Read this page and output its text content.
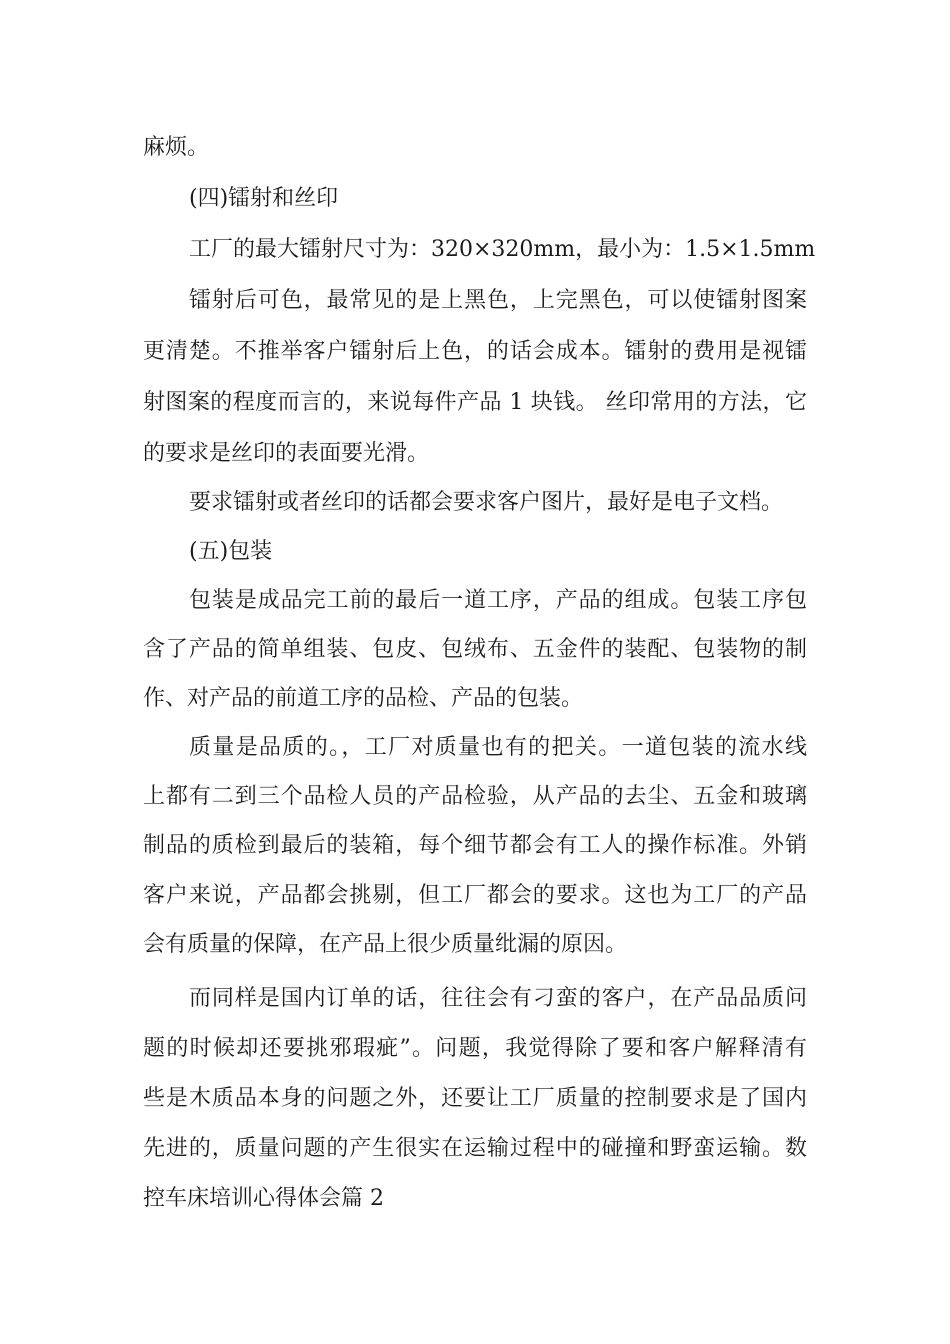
麻烦。
(四)镭射和丝印
工厂的最大镭射尺寸为：320×320mm，最小为：1.5×1.5mm
镭射后可色，最常见的是上黑色，上完黑色，可以使镭射图案
更清楚。不推举客户镭射后上色，的话会成本。镭射的费用是视镭
射图案的程度而言的，来说每件产品 1 块钱。 丝印常用的方法，它
的要求是丝印的表面要光滑。
要求镭射或者丝印的话都会要求客户图片，最好是电子文档。
(五)包装
包装是成品完工前的最后一道工序，产品的组成。包装工序包
含了产品的简单组装、包皮、包绒布、五金件的装配、包装物的制
作、对产品的前道工序的品检、产品的包装。
质量是品质的。，工厂对质量也有的把关。一道包装的流水线
上都有二到三个品检人员的产品检验，从产品的去尘、五金和玻璃
制品的质检到最后的装箱，每个细节都会有工人的操作标准。外销
客户来说，产品都会挑剔，但工厂都会的要求。这也为工厂的产品
会有质量的保障，在产品上很少质量纰漏的原因。
而同样是国内订单的话，往往会有刁蛮的客户，在产品品质问
题的时候却还要挑邪瑕疵”。问题，我觉得除了要和客户解释清有
些是木质品本身的问题之外，还要让工厂质量的控制要求是了国内
先进的，质量问题的产生很实在运输过程中的碰撞和野蛮运输。数
控车床培训心得体会篇 2
